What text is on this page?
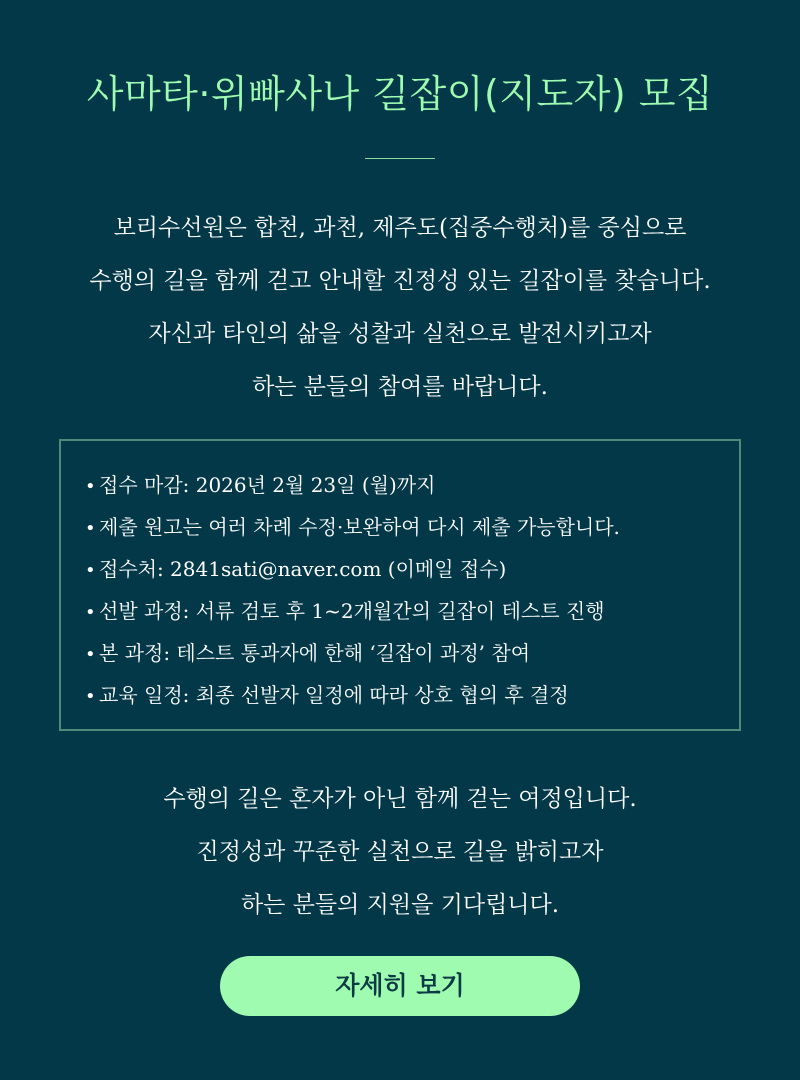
사마타·위빠사나 길잡이(지도자) 모집
보리수선원은 합천, 과천, 제주도(집중수행처)를 중심으로
수행의 길을 함께 걷고 안내할 진정성 있는 길잡이를 찾습니다.
자신과 타인의 삶을 성찰과 실천으로 발전시키고자
하는 분들의 참여를 바랍니다.
• 접수 마감: 2026년 2월 23일 (월)까지
• 제출 원고는 여러 차례 수정·보완하여 다시 제출 가능합니다.
• 접수처: 2841sati@naver.com (이메일 접수)
• 선발 과정: 서류 검토 후 1~2개월간의 길잡이 테스트 진행
• 본 과정: 테스트 통과자에 한해 ‘길잡이 과정’ 참여
• 교육 일정: 최종 선발자 일정에 따라 상호 협의 후 결정
수행의 길은 혼자가 아닌 함께 걷는 여정입니다.
진정성과 꾸준한 실천으로 길을 밝히고자
하는 분들의 지원을 기다립니다.
자세히 보기
